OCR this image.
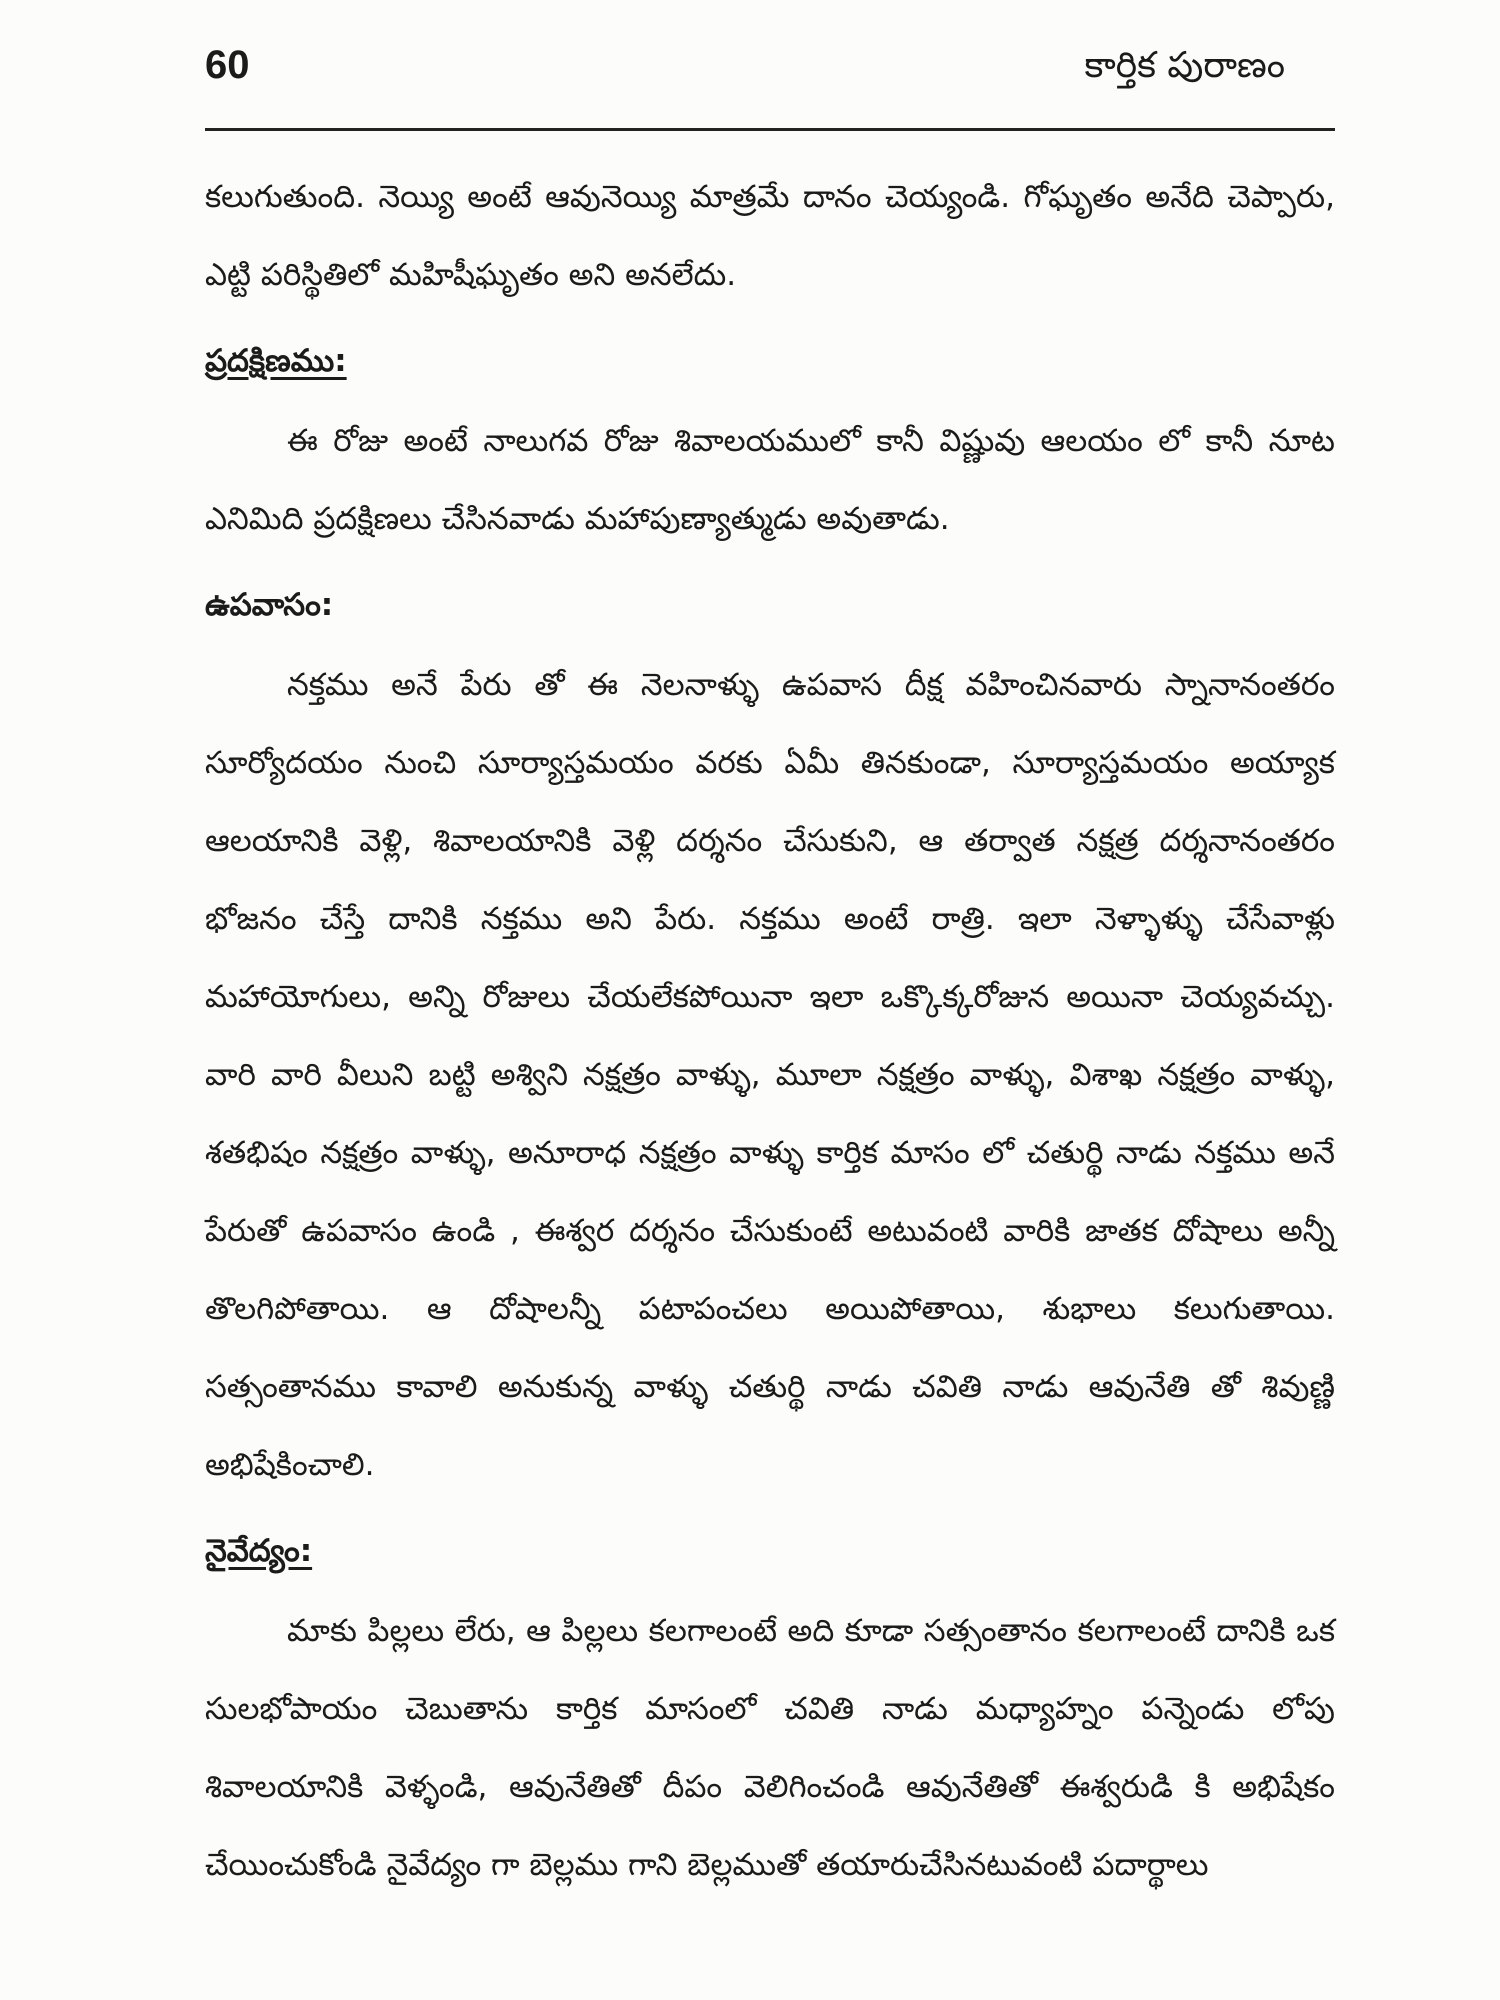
60	కార్తిక పురాణం

కలుగుతుంది. నెయ్యి అంటే ఆవునెయ్యి మాత్రమే దానం చెయ్యండి. గోఘృతం అనేది చెప్పారు, ఎట్టి పరిస్థితిలో మహిషీఘృతం అని అనలేదు.

ప్రదక్షిణము:

ఈ రోజు అంటే నాలుగవ రోజు శివాలయములో కానీ విష్ణువు ఆలయం లో కానీ నూట ఎనిమిది ప్రదక్షిణలు చేసినవాడు మహాపుణ్యాత్ముడు అవుతాడు.

ఉపవాసం:

నక్తము అనే పేరు తో ఈ నెలనాళ్ళు ఉపవాస దీక్ష వహించినవారు స్నానానంతరం సూర్యోదయం నుంచి సూర్యాస్తమయం వరకు ఏమీ తినకుండా, సూర్యాస్తమయం అయ్యాక ఆలయానికి వెళ్లి, శివాలయానికి వెళ్లి దర్శనం చేసుకుని, ఆ తర్వాత నక్షత్ర దర్శనానంతరం భోజనం చేస్తే దానికి నక్తము అని పేరు. నక్తము అంటే రాత్రి. ఇలా నెళ్ళాళ్ళు చేసేవాళ్లు మహాయోగులు, అన్ని రోజులు చేయలేకపోయినా ఇలా ఒక్కొక్కరోజున అయినా చెయ్యవచ్చు. వారి వారి వీలుని బట్టి అశ్విని నక్షత్రం వాళ్ళు, మూలా నక్షత్రం వాళ్ళు, విశాఖ నక్షత్రం వాళ్ళు, శతభిషం నక్షత్రం వాళ్ళు, అనూరాధ నక్షత్రం వాళ్ళు కార్తిక మాసం లో చతుర్థి నాడు నక్తము అనే పేరుతో ఉపవాసం ఉండి , ఈశ్వర దర్శనం చేసుకుంటే అటువంటి వారికి జాతక దోషాలు అన్నీ తొలగిపోతాయి. ఆ దోషాలన్నీ పటాపంచలు అయిపోతాయి, శుభాలు కలుగుతాయి. సత్సంతానము కావాలి అనుకున్న వాళ్ళు చతుర్థి నాడు చవితి నాడు ఆవునేతి తో శివుణ్ణి అభిషేకించాలి.

నైవేద్యం:

మాకు పిల్లలు లేరు, ఆ పిల్లలు కలగాలంటే అది కూడా సత్సంతానం కలగాలంటే దానికి ఒక సులభోపాయం చెబుతాను కార్తిక మాసంలో చవితి నాడు మధ్యాహ్నం పన్నెండు లోపు శివాలయానికి వెళ్ళండి, ఆవునేతితో దీపం వెలిగించండి ఆవునేతితో ఈశ్వరుడి కి అభిషేకం చేయించుకోండి నైవేద్యం గా బెల్లము గాని బెల్లముతో తయారుచేసినటువంటి పదార్థాలు
